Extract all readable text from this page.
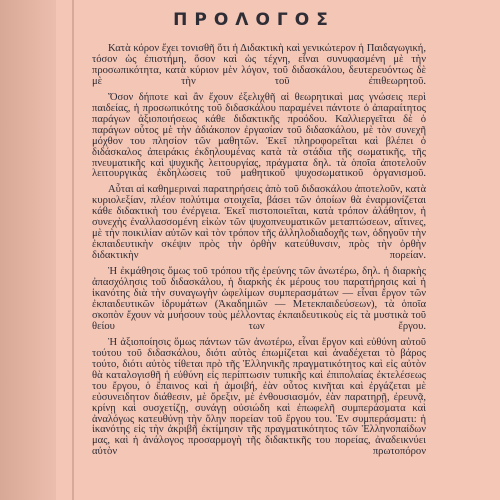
ΠΡΟΛΟΓΟΣ

Κατὰ κόρον ἔχει τονισθῆ ὅτι ἡ Διδακτικὴ καὶ γενικώτερον ἡ Παιδαγωγική, τόσον ὡς ἐπιστήμη, ὅσον καὶ ὡς τέχνη, εἶναι συνυφασμένη μὲ τὴν προσωπικότητα, κατὰ κύριον μὲν λόγον, τοῦ διδασκάλου, δευτερευόντως δὲ μὲ τὴν τοῦ ἐπιθεωρητοῦ.

Ὅσον δήποτε καὶ ἂν ἔχουν ἐξελιχθῆ αἱ θεωρητικαὶ μας γνώσεις περὶ παιδείας, ἡ προσωπικότης τοῦ διδασκάλου παραμένει πάντοτε ὁ ἀπαραίτητος παράγων ἀξιοποιήσεως κάθε διδακτικῆς προόδου. Καλλιεργεῖται δὲ ὁ παράγων οὗτος μὲ τὴν ἀδιάκοπον ἐργασίαν τοῦ διδασκάλου, μὲ τὸν συνεχῆ μόχθον του πλησίον τῶν μαθητῶν. Ἐκεῖ πληροφορεῖται καὶ βλέπει ὁ διδάσκαλος ἀπειράκις ἐκδηλουμένας κατὰ τὰ στάδια τῆς σωματικῆς, τῆς πνευματικῆς καὶ ψυχικῆς λειτουργίας, πράγματα δηλ. τὰ ὁποῖα ἀποτελοῦν λειτουργικὰς ἐκδηλώσεις τοῦ μαθητικοῦ ψυχοσωματικοῦ ὀργανισμοῦ.

Αὗται αἱ καθημεριναὶ παρατηρήσεις ἀπὸ τοῦ διδασκάλου ἀποτελοῦν, κατὰ κυριολεξίαν, πλέον πολύτιμα στοιχεῖα, βάσει τῶν ὁποίων θὰ ἐναρμονίζεται κάθε διδακτικὴ του ἐνέργεια. Ἐκεῖ πιστοποιεῖται, κατὰ τρόπον ἀλάθητον, ἡ συνεχὴς ἐναλλασσομένη εἰκὼν τῶν ψυχοπνευματικῶν μεταπτώσεων, αἵτινες, μὲ τὴν ποικιλίαν αὐτῶν καὶ τὸν τρόπον τῆς ἀλληλοδιαδοχῆς των, ὁδηγοῦν τὴν ἐκπαιδευτικὴν σκέψιν πρὸς τὴν ὀρθὴν κατεύθυνσιν, πρὸς τὴν ὀρθὴν διδακτικὴν πορείαν.

Ἡ ἐκμάθησις ὅμως τοῦ τρόπου τῆς ἐρεύνης τῶν ἀνωτέρω, δηλ. ἡ διαρκὴς ἀπασχόλησις τοῦ διδασκάλου, ἡ διαρκὴς ἐκ μέρους του παρατήρησις καὶ ἡ ἱκανότης διὰ τὴν συναγωγὴν ὠφελίμων συμπερασμάτων — εἶναι ἔργον τῶν ἐκπαιδευτικῶν ἱδρυμάτων (Ἀκαδημιῶν — Μετεκπαιδεύσεων), τὰ ὁποῖα σκοπὸν ἔχουν νὰ μυήσουν τοὺς μέλλοντας ἐκπαιδευτικοὺς εἰς τὰ μυστικὰ τοῦ θείου των ἔργου.

Ἡ ἀξιοποίησις ὅμως πάντων τῶν ἀνωτέρω, εἶναι ἔργον καὶ εὐθύνη αὐτοῦ τούτου τοῦ διδασκάλου, διότι αὐτὸς ἐπωμίζεται καὶ ἀναδέχεται τὸ βάρος τούτο, διότι αὐτὸς τίθεται πρὸ τῆς Ἑλληνικῆς πραγματικότητος καὶ εἰς αὐτὸν θὰ καταλογισθῆ ἡ εὐθύνη εἰς περίπτωσιν τυπικῆς καὶ ἐπιπολαίας ἐκτελέσεως του ἔργου, ὁ ἔπαινος καὶ ἡ ἀμοιβή, ἐὰν οὗτος κινῆται καὶ ἐργάζεται μὲ εὐσυνειδητον διάθεσιν, μὲ ὄρεξιν, μὲ ἐνθουσιασμόν, ἐὰν παρατηρῇ, ἐρευνᾷ, κρίνῃ καὶ συσχετίζῃ, συνάγῃ οὐσιώδη καὶ ἐπωφελῆ συμπεράσματα καὶ ἀναλόγως κατευθύνῃ τὴν ὅλην πορείαν τοῦ ἔργου του. Ἐν συμπεράσματι: ἡ ἱκανότης εἰς τὴν ἀκριβῆ ἐκτίμησιν τῆς πραγματικότητος τῶν Ἑλληνοπαίδων μας, καὶ ἡ ἀνάλογος προσαρμογὴ τῆς διδακτικῆς του πορείας, ἀναδεικνύει αὐτὸν πρωτοπόρον
